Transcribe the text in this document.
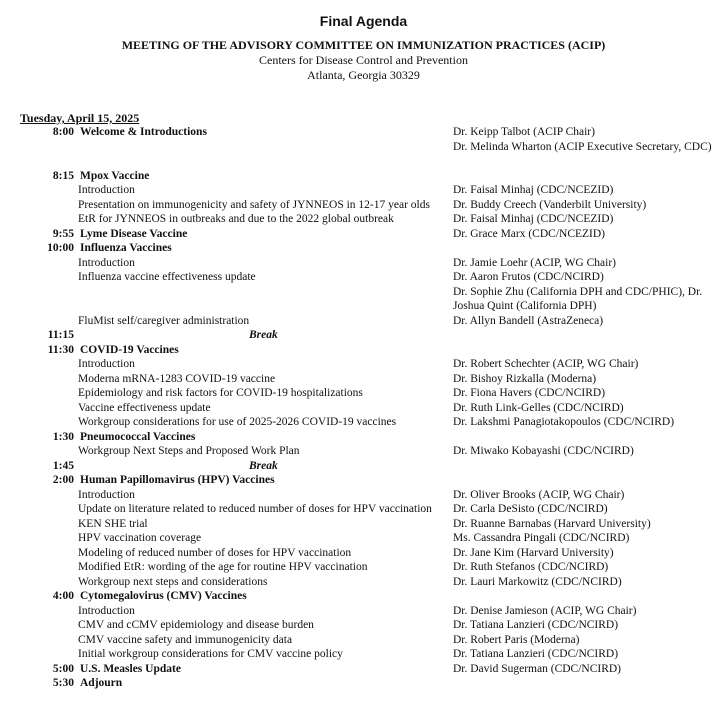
Final Agenda
MEETING OF THE ADVISORY COMMITTEE ON IMMUNIZATION PRACTICES (ACIP)
Centers for Disease Control and Prevention
Atlanta, Georgia 30329
Tuesday, April 15, 2025
8:00 Welcome & Introductions	Dr. Keipp Talbot (ACIP Chair)
Dr. Melinda Wharton (ACIP Executive Secretary, CDC)
8:15 Mpox Vaccine
Introduction	Dr. Faisal Minhaj (CDC/NCEZID)
Presentation on immunogenicity and safety of JYNNEOS in 12-17 year olds Dr. Buddy Creech (Vanderbilt University)
EtR for JYNNEOS in outbreaks and due to the 2022 global outbreak	Dr. Faisal Minhaj (CDC/NCEZID)
9:55 Lyme Disease Vaccine	Dr. Grace Marx (CDC/NCEZID)
10:00 Influenza Vaccines
Introduction	Dr. Jamie Loehr (ACIP, WG Chair)
Influenza vaccine effectiveness update	Dr. Aaron Frutos (CDC/NCIRD)
Dr. Sophie Zhu (California DPH and CDC/PHIC), Dr.
Joshua Quint (California DPH)
FluMist self/caregiver administration	Dr. Allyn Bandell (AstraZeneca)
11:15	Break
11:30 COVID-19 Vaccines
Introduction	Dr. Robert Schechter (ACIP, WG Chair)
Moderna mRNA-1283 COVID-19 vaccine	Dr. Bishoy Rizkalla (Moderna)
Epidemiology and risk factors for COVID-19 hospitalizations	Dr. Fiona Havers (CDC/NCIRD)
Vaccine effectiveness update	Dr. Ruth Link-Gelles (CDC/NCIRD)
Workgroup considerations for use of 2025-2026 COVID-19 vaccines	Dr. Lakshmi Panagiotakopoulos (CDC/NCIRD)
1:30 Pneumococcal Vaccines
Workgroup Next Steps and Proposed Work Plan	Dr. Miwako Kobayashi (CDC/NCIRD)
1:45	Break
2:00 Human Papillomavirus (HPV) Vaccines
Introduction	Dr. Oliver Brooks (ACIP, WG Chair)
Update on literature related to reduced number of doses for HPV vaccination Dr. Carla DeSisto (CDC/NCIRD)
KEN SHE trial	Dr. Ruanne Barnabas (Harvard University)
HPV vaccination coverage	Ms. Cassandra Pingali (CDC/NCIRD)
Modeling of reduced number of doses for HPV vaccination	Dr. Jane Kim (Harvard University)
Modified EtR: wording of the age for routine HPV vaccination	Dr. Ruth Stefanos (CDC/NCIRD)
Workgroup next steps and considerations	Dr. Lauri Markowitz (CDC/NCIRD)
4:00 Cytomegalovirus (CMV) Vaccines
Introduction	Dr. Denise Jamieson (ACIP, WG Chair)
CMV and cCMV epidemiology and disease burden	Dr. Tatiana Lanzieri (CDC/NCIRD)
CMV vaccine safety and immunogenicity data	Dr. Robert Paris (Moderna)
Initial workgroup considerations for CMV vaccine policy	Dr. Tatiana Lanzieri (CDC/NCIRD)
5:00 U.S. Measles Update	Dr. David Sugerman (CDC/NCIRD)
5:30 Adjourn
